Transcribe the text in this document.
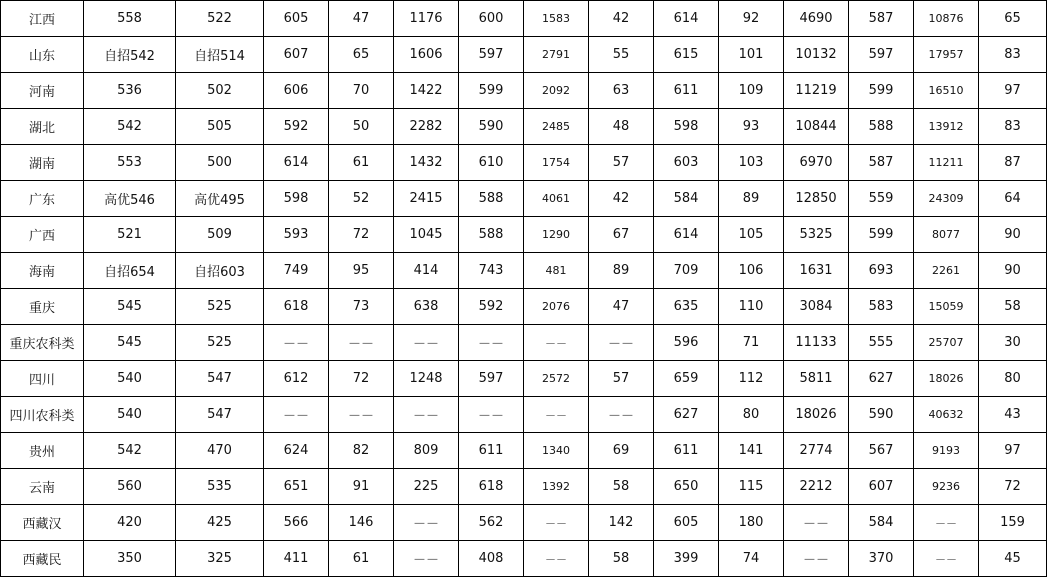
江西	558	522	605	47	1176	600	1583	42	614	92	4690	587	10876	65
山东	自招542	自招514	607	65	1606	597	2791	55	615	101	10132	597	17957	83
河南	536	502	606	70	1422	599	2092	63	611	109	11219	599	16510	97
湖北	542	505	592	50	2282	590	2485	48	598	93	10844	588	13912	83
湖南	553	500	614	61	1432	610	1754	57	603	103	6970	587	11211	87
广东	高优546	高优495	598	52	2415	588	4061	42	584	89	12850	559	24309	64
广西	521	509	593	72	1045	588	1290	67	614	105	5325	599	8077	90
海南	自招654	自招603	749	95	414	743	481	89	709	106	1631	693	2261	90
重庆	545	525	618	73	638	592	2076	47	635	110	3084	583	15059	58
重庆农科类	545	525	－－	－－	－－	－－	－－	－－	596	71	11133	555	25707	30
四川	540	547	612	72	1248	597	2572	57	659	112	5811	627	18026	80
四川农科类	540	547	－－	－－	－－	－－	－－	－－	627	80	18026	590	40632	43
贵州	542	470	624	82	809	611	1340	69	611	141	2774	567	9193	97
云南	560	535	651	91	225	618	1392	58	650	115	2212	607	9236	72
西藏汉	420	425	566	146	－－	562	－－	142	605	180	－－	584	－－	159
西藏民	350	325	411	61	－－	408	－－	58	399	74	－－	370	－－	45
